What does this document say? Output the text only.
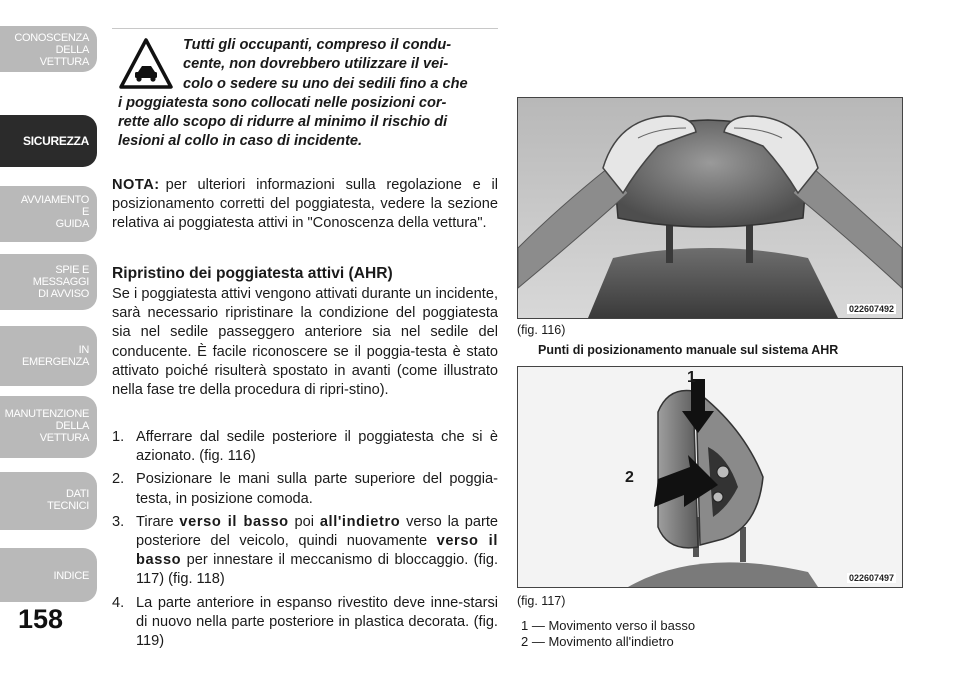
CONOSCENZA
DELLA
VETTURA
SICUREZZA
AVVIAMENTO
E
GUIDA
SPIE E
MESSAGGI
DI AVVISO
IN
EMERGENZA
MANUTENZIONE
DELLA
VETTURA
DATI
TECNICI
INDICE
158
Tutti gli occupanti, compreso il condu-
cente, non dovrebbero utilizzare il vei-
colo o sedere su uno dei sedili fino a che
i poggiatesta sono collocati nelle posizioni cor-
rette allo scopo di ridurre al minimo il rischio di
lesioni al collo in caso di incidente.
NOTA: per ulteriori informazioni sulla regolazione e il posizionamento corretti del poggiatesta, vedere la sezione relativa ai poggiatesta attivi in "Conoscenza della vettura".
Ripristino dei poggiatesta attivi (AHR)
Se i poggiatesta attivi vengono attivati durante un incidente, sarà necessario ripristinare la condizione del poggiatesta sia nel sedile passeggero anteriore sia nel sedile del conducente. È facile riconoscere se il poggia-testa è stato attivato poiché risulterà spostato in avanti (come illustrato nella fase tre della procedura di ripri-stino).
1. Afferrare dal sedile posteriore il poggiatesta che si è azionato. (fig. 116)
2. Posizionare le mani sulla parte superiore del poggia-testa, in posizione comoda.
3. Tirare verso il basso poi all'indietro verso la parte posteriore del veicolo, quindi nuovamente verso il basso per innestare il meccanismo di bloccaggio. (fig. 117) (fig. 118)
4. La parte anteriore in espanso rivestito deve inne-starsi di nuovo nella parte posteriore in plastica decorata. (fig. 119)
022607492
(fig. 116)
Punti di posizionamento manuale sul sistema AHR
1
2
022607497
(fig. 117)
1 — Movimento verso il basso
2 — Movimento all'indietro
